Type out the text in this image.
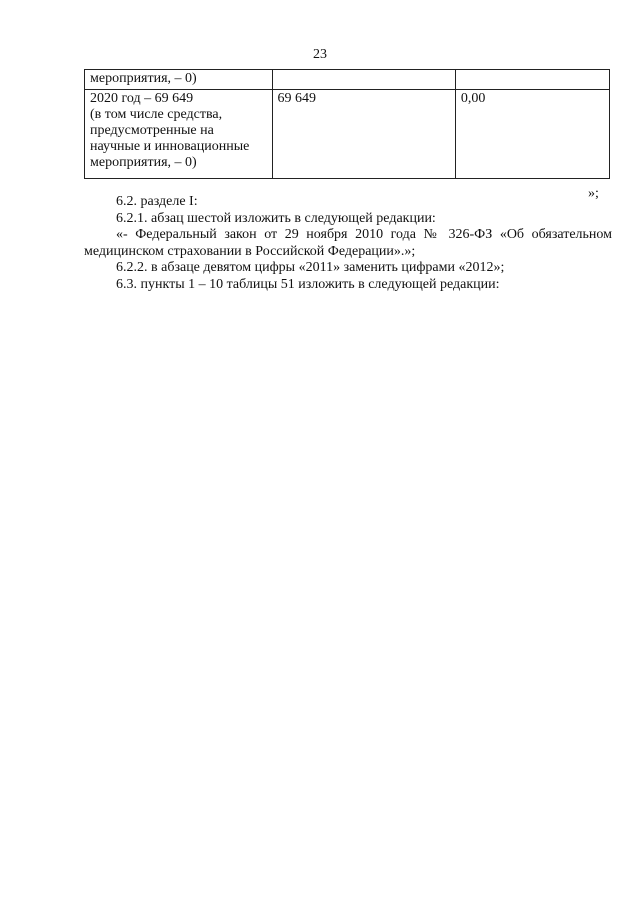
23
мероприятия, – 0)		

2020 год – 69 649
(в том числе средства,
предусмотренные на
научные и инновационные
мероприятия, – 0)	69 649	0,00
»;

6.2. разделе I:

6.2.1. абзац шестой изложить в следующей редакции:

«- Федеральный закон от 29 ноября 2010 года № 326-ФЗ «Об обязательном медицинском страховании в Российской Федерации».»;

6.2.2. в абзаце девятом цифры «2011» заменить цифрами «2012»;

6.3. пункты 1 – 10 таблицы 51 изложить в следующей редакции:
